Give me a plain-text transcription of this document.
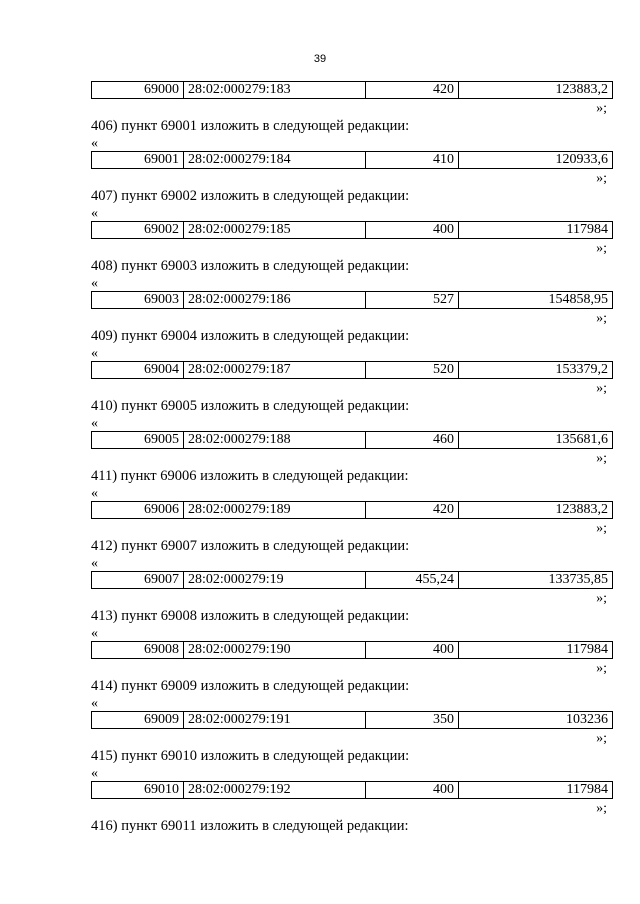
39
69000 28:02:000279:183	420	123883,2
»;
406) пункт 69001 изложить в следующей редакции:
«
69001 28:02:000279:184	410	120933,6
»;
407) пункт 69002 изложить в следующей редакции:
«
69002 28:02:000279:185	400	117984
»;
408) пункт 69003 изложить в следующей редакции:
«
69003 28:02:000279:186	527	154858,95
»;
409) пункт 69004 изложить в следующей редакции:
«
69004 28:02:000279:187	520	153379,2
»;
410) пункт 69005 изложить в следующей редакции:
«
69005 28:02:000279:188	460	135681,6
»;
411) пункт 69006 изложить в следующей редакции:
«
69006 28:02:000279:189	420	123883,2
»;
412) пункт 69007 изложить в следующей редакции:
«
69007 28:02:000279:19	455,24	133735,85
»;
413) пункт 69008 изложить в следующей редакции:
«
69008 28:02:000279:190	400	117984
»;
414) пункт 69009 изложить в следующей редакции:
«
69009 28:02:000279:191	350	103236
»;
415) пункт 69010 изложить в следующей редакции:
«
69010 28:02:000279:192	400	117984
»;
416) пункт 69011 изложить в следующей редакции:
